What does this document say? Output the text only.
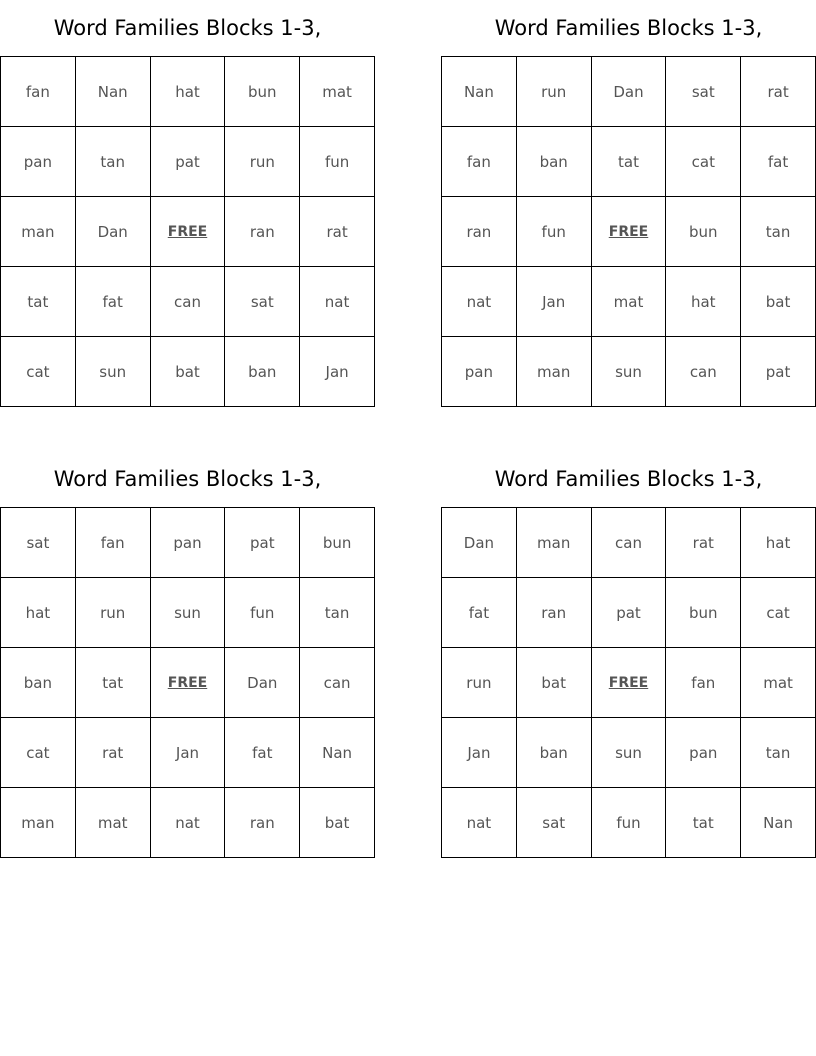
Word Families Blocks 1-3,
fan	Nan	hat	bun	mat
pan	tan	pat	run	fun
man	Dan	FREE	ran	rat
tat	fat	can	sat	nat
cat	sun	bat	ban	Jan
Word Families Blocks 1-3,
Nan	run	Dan	sat	rat
fan	ban	tat	cat	fat
ran	fun	FREE	bun	tan
nat	Jan	mat	hat	bat
pan	man	sun	can	pat
Word Families Blocks 1-3,
sat	fan	pan	pat	bun
hat	run	sun	fun	tan
ban	tat	FREE	Dan	can
cat	rat	Jan	fat	Nan
man	mat	nat	ran	bat
Word Families Blocks 1-3,
Dan	man	can	rat	hat
fat	ran	pat	bun	cat
run	bat	FREE	fan	mat
Jan	ban	sun	pan	tan
nat	sat	fun	tat	Nan
